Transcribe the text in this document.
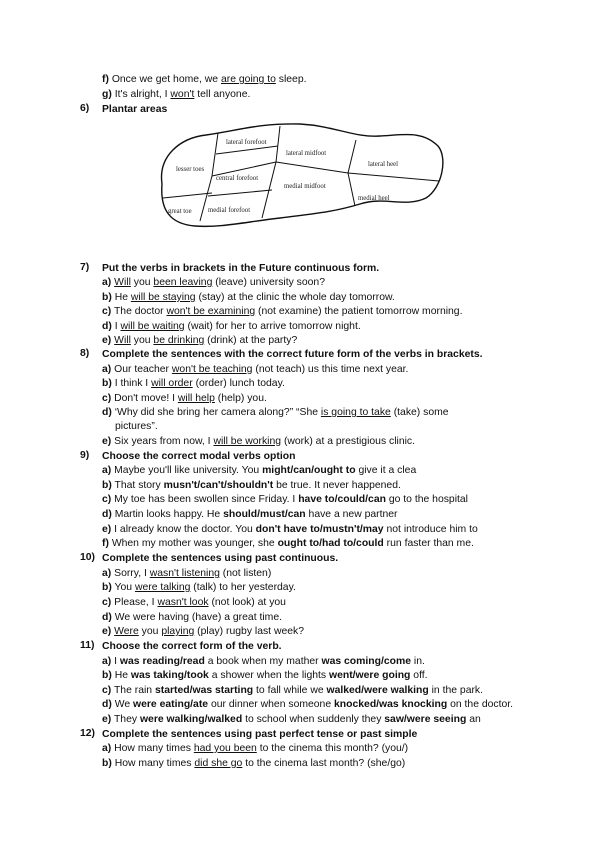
f) Once we get home, we are going to sleep.
g) It's alright, I won't tell anyone.
6) Plantar areas
lateral forefoot
lateral midfoot
lateral heel
lesser toes
central forefoot
medial midfoot
medial heel
great toe medial forefoot
7) Put the verbs in brackets in the Future continuous form.
a) Will you been leaving (leave) university soon?
b) He will be staying (stay) at the clinic the whole day tomorrow.
c) The doctor won't be examining (not examine) the patient tomorrow morning.
d) I will be waiting (wait) for her to arrive tomorrow night.
e) Will you be drinking (drink) at the party?
8) Complete the sentences with the correct future form of the verbs in brackets.
a) Our teacher won't be teaching (not teach) us this time next year.
b) I think I will order (order) lunch today.
c) Don't move! I will help (help) you.
d) ‘Why did she bring her camera along?” “She is going to take (take) some
pictures”.
e) Six years from now, I will be working (work) at a prestigious clinic.
9) Choose the correct modal verbs option
a) Maybe you'll like university. You might/can/ought to give it a clea
b) That story musn't/can't/shouldn't be true. It never happened.
c) My toe has been swollen since Friday. I have to/could/can go to the hospital
d) Martin looks happy. He should/must/can have a new partner
e) I already know the doctor. You don't have to/mustn't/may not introduce him to
f) When my mother was younger, she ought to/had to/could run faster than me.
10) Complete the sentences using past continuous.
a) Sorry, I wasn't listening (not listen)
b) You were talking (talk) to her yesterday.
c) Please, I wasn't look (not look) at you
d) We were having (have) a great time.
e) Were you playing (play) rugby last week?
11) Choose the correct form of the verb.
a) I was reading/read a book when my mather was coming/come in.
b) He was taking/took a shower when the lights went/were going off.
c) The rain started/was starting to fall while we walked/were walking in the park.
d) We were eating/ate our dinner when someone knocked/was knocking on the doctor.
e) They were walking/walked to school when suddenly they saw/were seeing an
12) Complete the sentences using past perfect tense or past simple
a) How many times had you been to the cinema this month? (you/)
b) How many times did she go to the cinema last month? (she/go)
